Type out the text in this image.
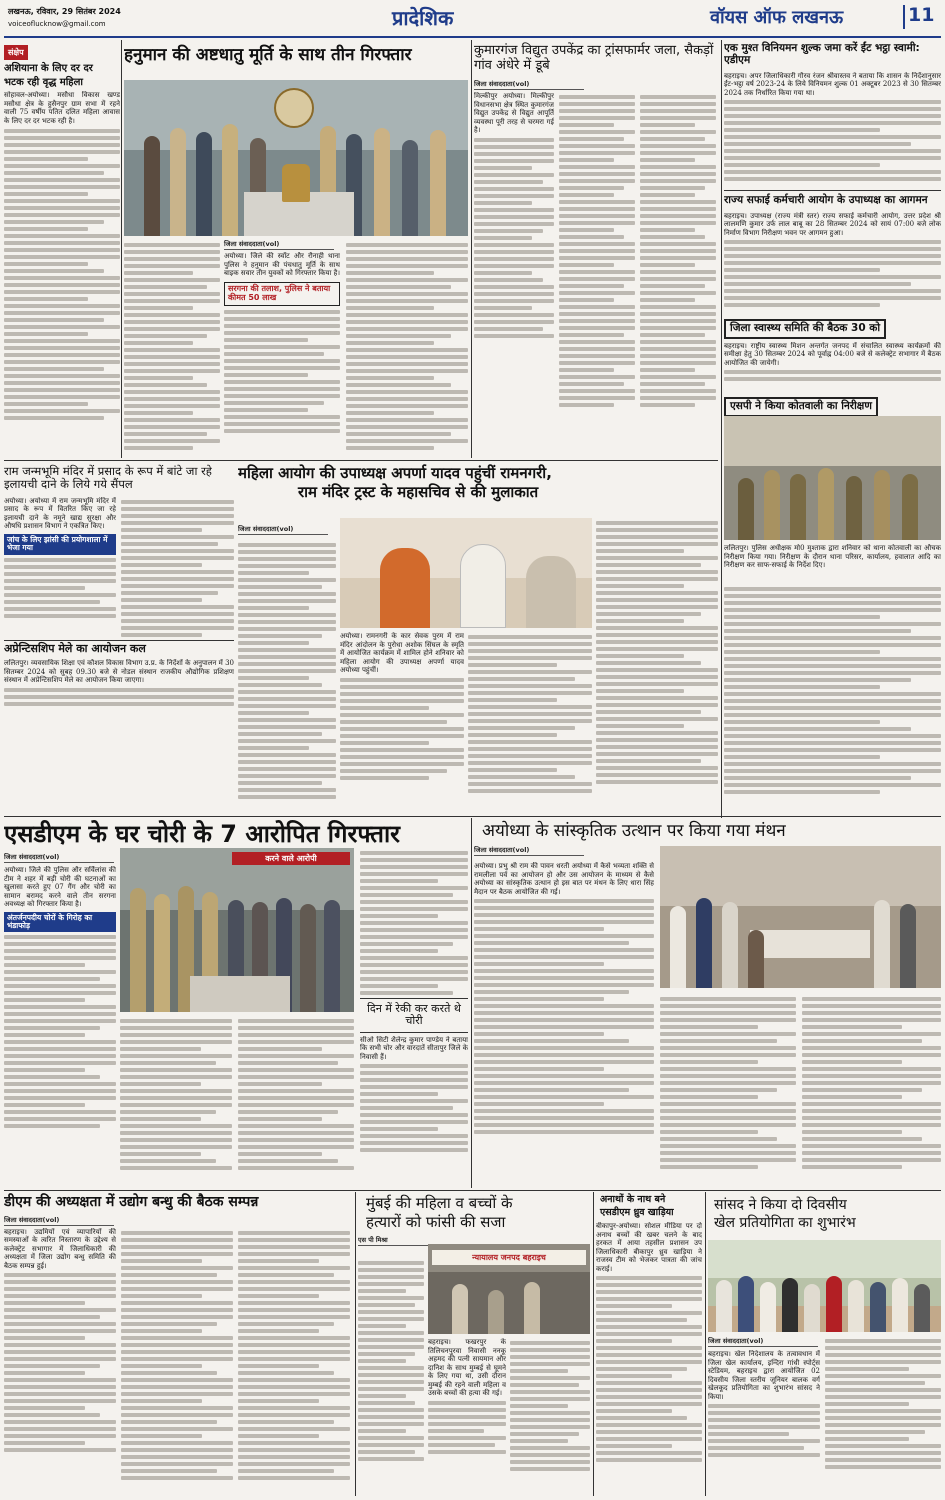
लखनऊ, रविवार, 29 सितंबर 2024
voiceoflucknow@gmail.com	प्रादेशिक	वॉयस ऑफ लखनऊ	11
संक्षेप
अशियाना के लिए दर दर
भटक रही वृद्ध महिला
सोहावल-अयोध्या। मसौधा विकास खण्ड मसौधा क्षेत्र के हुसैनपुर ग्राम सभा में रहने वाली 75 वर्षीय पतित दलित महिला आवास के लिए दर दर भटक रही है।
हनुमान की अष्टधातु मूर्ति के साथ तीन गिरफ्तार
जिला संवाददाता(vol)
अयोध्या। जिले की स्वॉट और रौनाही थाना पुलिस ने हनुमान की पंचधातु मूर्ति के साथ बाइक सवार तीन युवकों को गिरफ्तार किया है।
सरगना की तलाश, पुलिस ने बताया कीमत 50 लाख
कुमारगंज विद्युत उपकेंद्र का ट्रांसफार्मर जला, सैकड़ों गांव अंधेरे में डूबे
जिला संवाददाता(vol)
मिल्कीपुर अयोध्या। मिल्कीपुर विधानसभा क्षेत्र स्थित कुमारगंज विद्युत उपकेंद्र से विद्युत आपूर्ति व्यवस्था पूरी तरह से चरमरा गई है।
एक मुश्त विनियमन शुल्क जमा करें ईंट भट्ठा स्वामी: एडीएम
बहराइच। अपर जिलाधिकारी गौरव रंजन श्रीवास्तव ने बताया कि शासन के निर्देशानुसार ईंट-भट्ठा वर्ष 2023-24 के लिये विनियमन शुल्क 01 अक्टूबर 2023 से 30 सितम्बर 2024 तक निर्धारित किया गया था।
राज्य सफाई कर्मचारी आयोग के उपाध्यक्ष का आगमन
बहराइच। उपाध्यक्ष (राज्य मंत्री स्तर) राज्य सफाई कर्मचारी आयोग, उत्तर प्रदेश श्री लालमणि कुमार उर्फ लाल बाबू का 28 सितम्बर 2024 को सायं 07:00 बजे लोक निर्माण विभाग निरीक्षण भवन पर आगमन हुआ।
जिला स्वास्थ्य समिति की बैठक 30 को
बहराइच। राष्ट्रीय स्वास्थ्य मिशन अन्तर्गत जनपद में संचालित स्वास्थ्य कार्यक्रमों की समीक्षा हेतु 30 सितम्बर 2024 को पूर्वाह्न 04:00 बजे से कलेक्ट्रेट सभागार में बैठक आयोजित की जायेगी।
एसपी ने किया कोतवाली का निरीक्षण
ललितपुर। पुलिस अधीक्षक मो0 मुश्ताक द्वारा शनिवार को थाना कोतवाली का औचक निरीक्षण किया गया। निरीक्षण के दौरान थाना परिसर, कार्यालय, हवालात आदि का निरीक्षण कर साफ-सफाई के निर्देश दिए।
राम जन्मभूमि मंदिर में प्रसाद के रूप में बांटे जा रहे इलायची दाने के लिये गये सैंपल
अयोध्या। अयोध्या में राम जन्मभूमि मंदिर में प्रसाद के रूप में वितरित किए जा रहे इलायची दाने के नमूने खाद्य सुरक्षा और औषधि प्रशासन विभाग ने एकत्रित किए।
जांच के लिए झांसी की प्रयोगशाला में भेजा गया
अप्रेन्टिसशिप मेले का आयोजन कल
ललितपुर। व्यवसायिक शिक्षा एवं कौशल विकास विभाग उ.प्र. के निर्देशों के अनुपालन में 30 सितम्बर 2024 को सुबह 09.30 बजे से नोडल संस्थान राजकीय औद्योगिक प्रशिक्षण संस्थान में अप्रेन्टिसशिप मेले का आयोजन किया जाएगा।
महिला आयोग की उपाध्यक्ष अपर्णा यादव पहुंचीं रामनगरी,
राम मंदिर ट्रस्ट के महासचिव से की मुलाकात
जिला संवाददाता(vol)
अयोध्या। रामनगरी के कार सेवक पुरम में राम मंदिर आंदोलन के पुरोधा अशोक सिंघल के स्मृति में आयोजित कार्यक्रम में शामिल होने शनिवार को महिला आयोग की उपाध्यक्ष अपर्णा यादव अयोध्या पहुंचीं।
एसडीएम के घर चोरी के 7 आरोपित गिरफ्तार
जिला संवाददाता(vol)
अयोध्या। जिले की पुलिस और सर्विलांस की टीम ने शहर में बड़ी चोरी की घटनाओं का खुलासा करते हुए 07 गैंग और चोरी का सामान बरामद करने वाले तीन सरगना अवध्यक्ष को गिरफ्तार किया है।
अंतर्जनपदीय चोरों के गिरोह का भंडाफोड़
करने वाले आरोपी
दिन में रेकी कर करते थे चोरी
सीओ सिटी शैलेन्द्र कुमार पाण्डेय ने बताया कि सभी चोर और वारदातें सीतापुर जिले के निवासी हैं।
अयोध्या के सांस्कृतिक उत्थान पर किया गया मंथन
जिला संवाददाता(vol)
अयोध्या। प्रभु श्री राम की पावन धरती अयोध्या में कैसे भव्यता शक्ति से रामलीला पर्व का आयोजन हो और उस आयोजन के माध्यम से कैसे अयोध्या का सांस्कृतिक उत्थान हो इस बात पर मंथन के लिए धारा सिंह मैदान पर बैठक आयोजित की गई।
डीएम की अध्यक्षता में उद्योग बन्धु की बैठक सम्पन्न
जिला संवाददाता(vol)
बहराइच। उद्यमियों एवं व्यापारियों की समस्याओं के त्वरित निस्तारण के उद्देश्य से कलेक्ट्रेट सभागार में जिलाधिकारी की अध्यक्षता में जिला उद्योग बन्धु समिति की बैठक सम्पन्न हुई।
मुंबई की महिला व बच्चों के
हत्यारों को फांसी की सजा
एस पी मिश्रा
न्यायालय जनपद बहराइच
बहराइच। फखरपुर के तिलिचनपुरवा निवासी ननकू अहमद की पत्नी सायमान और दानिश के साथ मुम्बई से घूमने के लिए गया था, उसी दौरान मुम्बई की रहने वाली महिला व उसके बच्चों की हत्या की गई।
अनाथों के नाथ बने
एसडीएम ध्रुव खाड़िया
बीकापुर-अयोध्या। सोशल मीडिया पर दो अनाथ बच्चों की खबर चलने के बाद हरकत में आया तहसील प्रशासन उप जिलाधिकारी बीकापुर ध्रुव खाड़िया ने राजस्व टीम को भेजकर पात्रता की जांच कराई।
सांसद ने किया दो दिवसीय
खेल प्रतियोगिता का शुभारंभ
जिला संवाददाता(vol)
बहराइच। खेल निदेशालय के तत्वावधान में जिला खेल कार्यालय, इन्दिरा गांधी स्पोर्ट्स स्टेडियम, बहराइच द्वारा आयोजित 02 दिवसीय जिला स्तरीय जूनियर बालक वर्ग खेलकूद प्रतियोगिता का शुभारंभ सांसद ने किया।
